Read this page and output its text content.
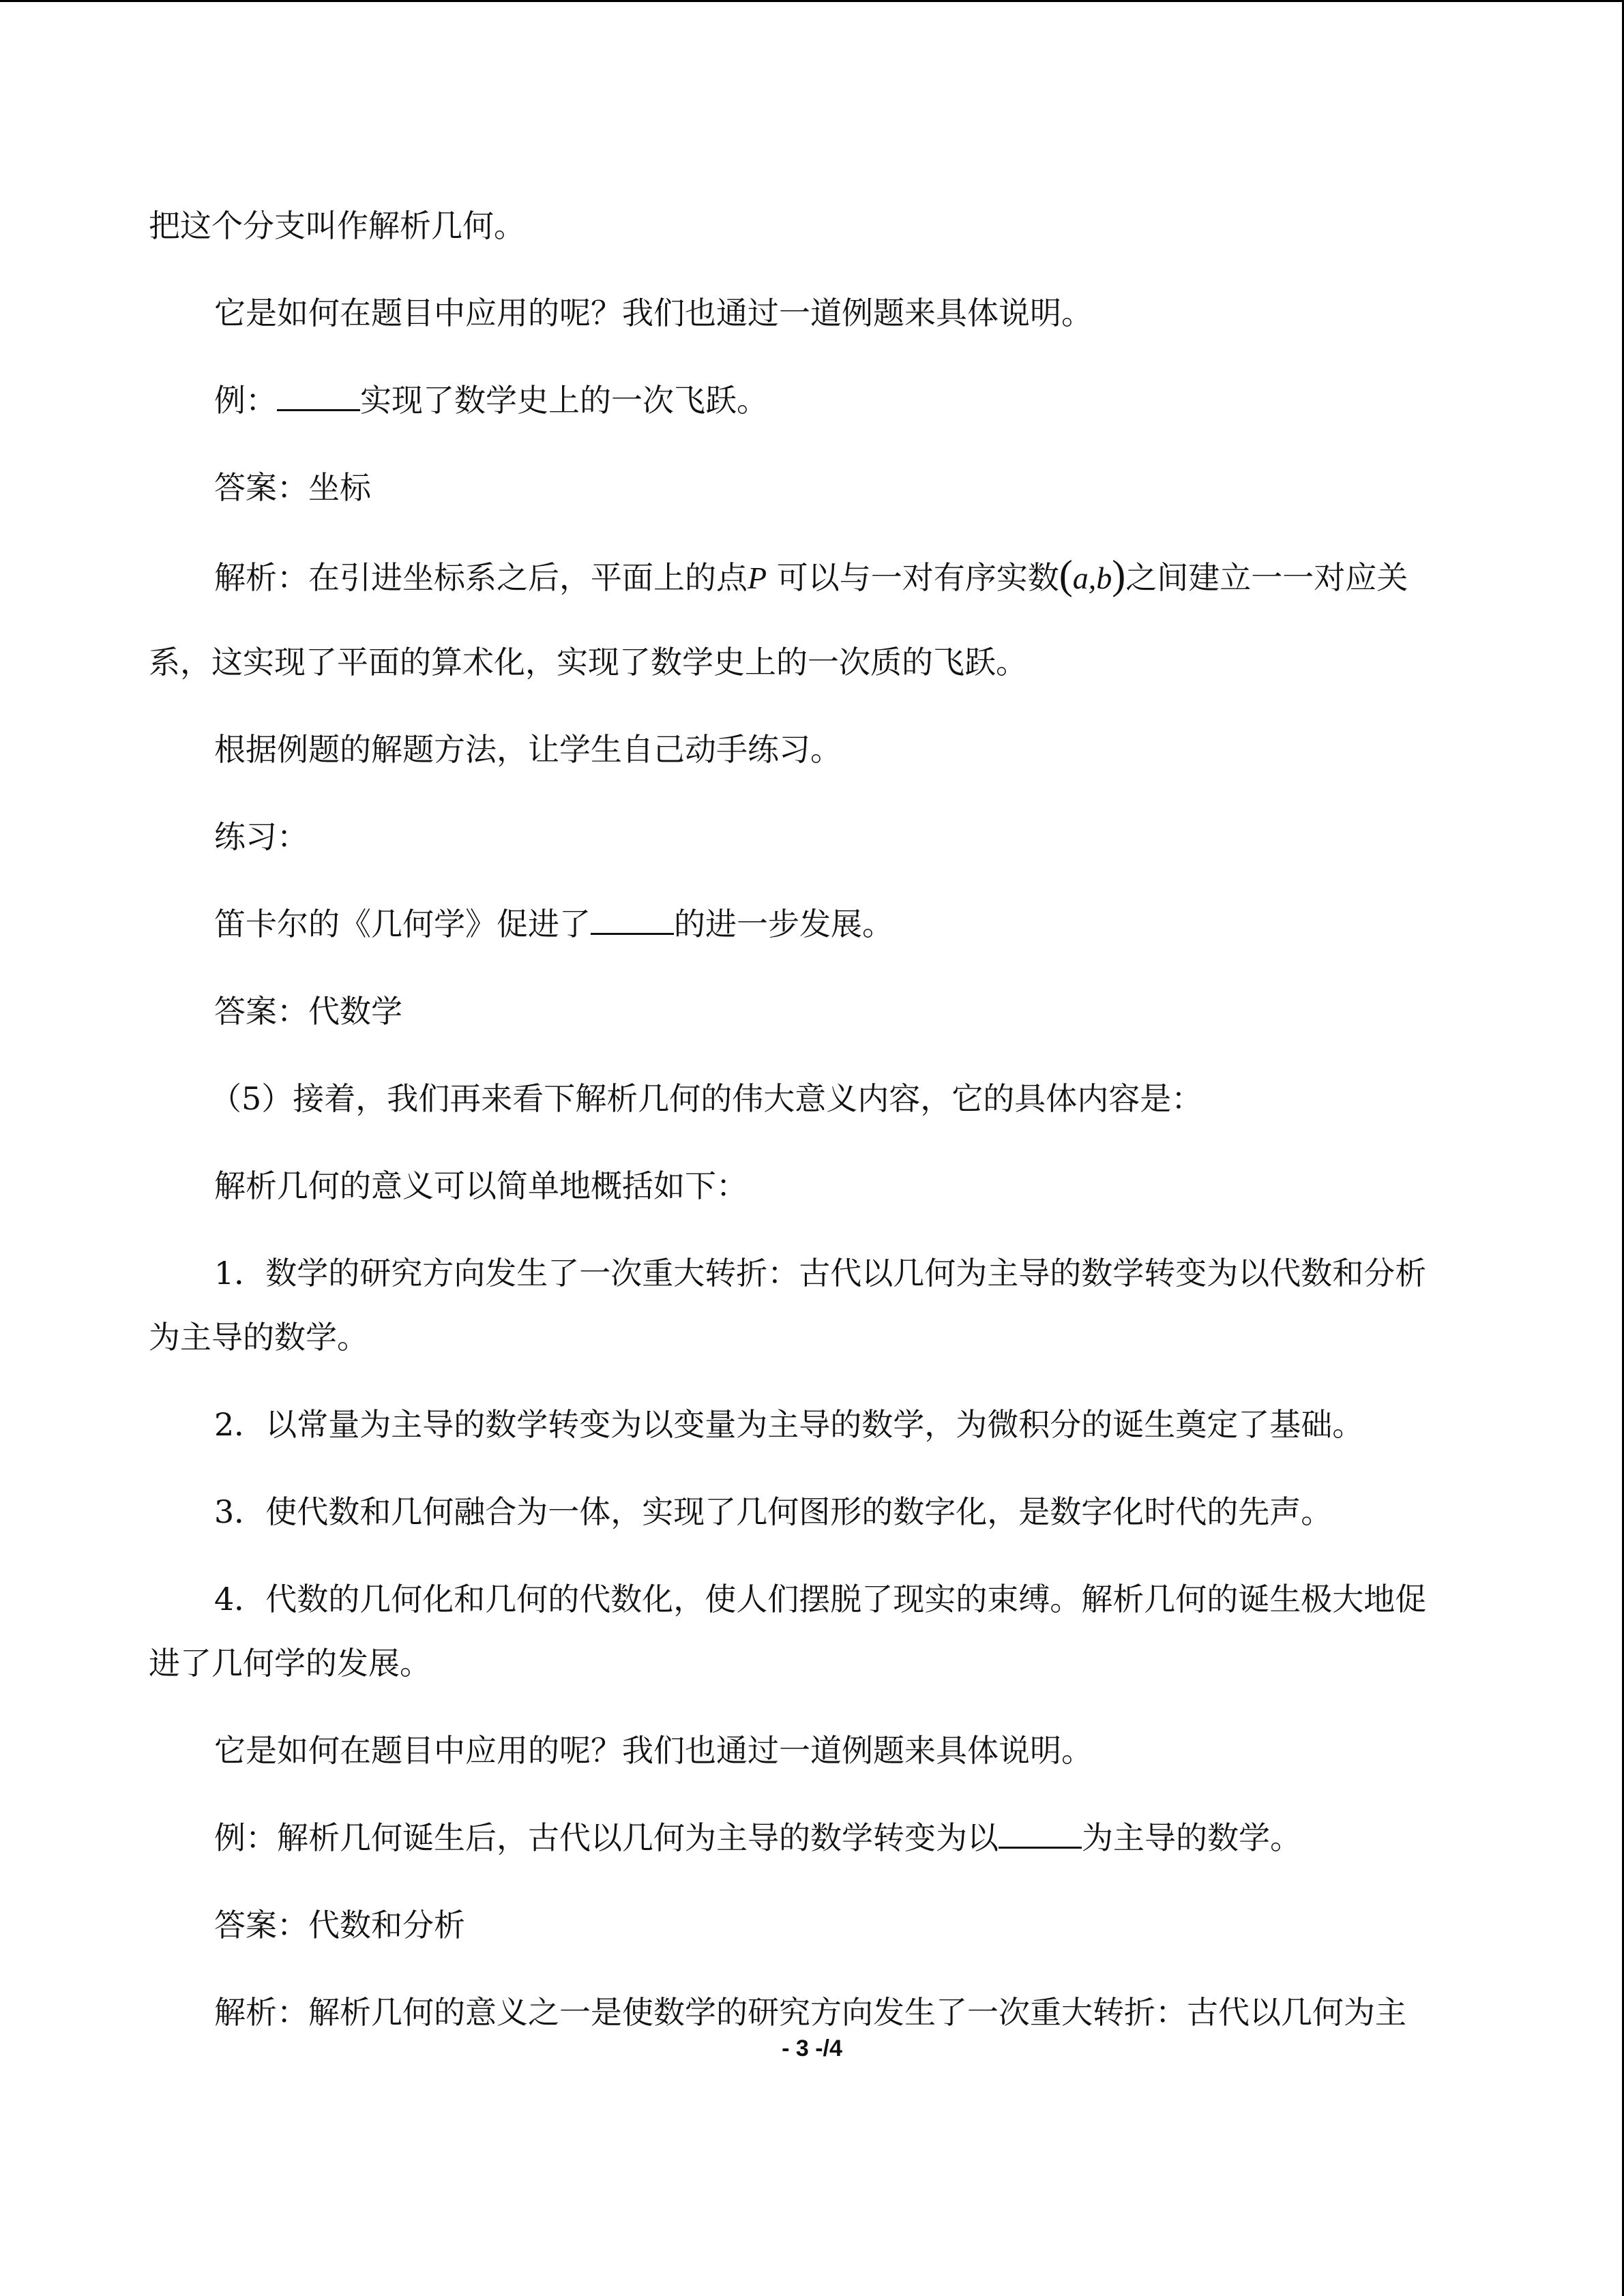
把这个分支叫作解析几何。

它是如何在题目中应用的呢？我们也通过一道例题来具体说明。

例：	实现了数学史上的一次飞跃。

答案：坐标

解析：在引进坐标系之后，平面上的点P 可以与一对有序实数(a,b)之间建立一一对应关

系，这实现了平面的算术化，实现了数学史上的一次质的飞跃。

根据例题的解题方法，让学生自己动手练习。

练习：

笛卡尔的《几何学》促进了	的进一步发展。

答案：代数学

（5）接着，我们再来看下解析几何的伟大意义内容，它的具体内容是：

解析几何的意义可以简单地概括如下：

1．数学的研究方向发生了一次重大转折：古代以几何为主导的数学转变为以代数和分析

为主导的数学。

2．以常量为主导的数学转变为以变量为主导的数学，为微积分的诞生奠定了基础。

3．使代数和几何融合为一体，实现了几何图形的数字化，是数字化时代的先声。

4．代数的几何化和几何的代数化，使人们摆脱了现实的束缚。解析几何的诞生极大地促

进了几何学的发展。

它是如何在题目中应用的呢？我们也通过一道例题来具体说明。

例：解析几何诞生后，古代以几何为主导的数学转变为以	为主导的数学。

答案：代数和分析

解析：解析几何的意义之一是使数学的研究方向发生了一次重大转折：古代以几何为主

- 3 -/4
